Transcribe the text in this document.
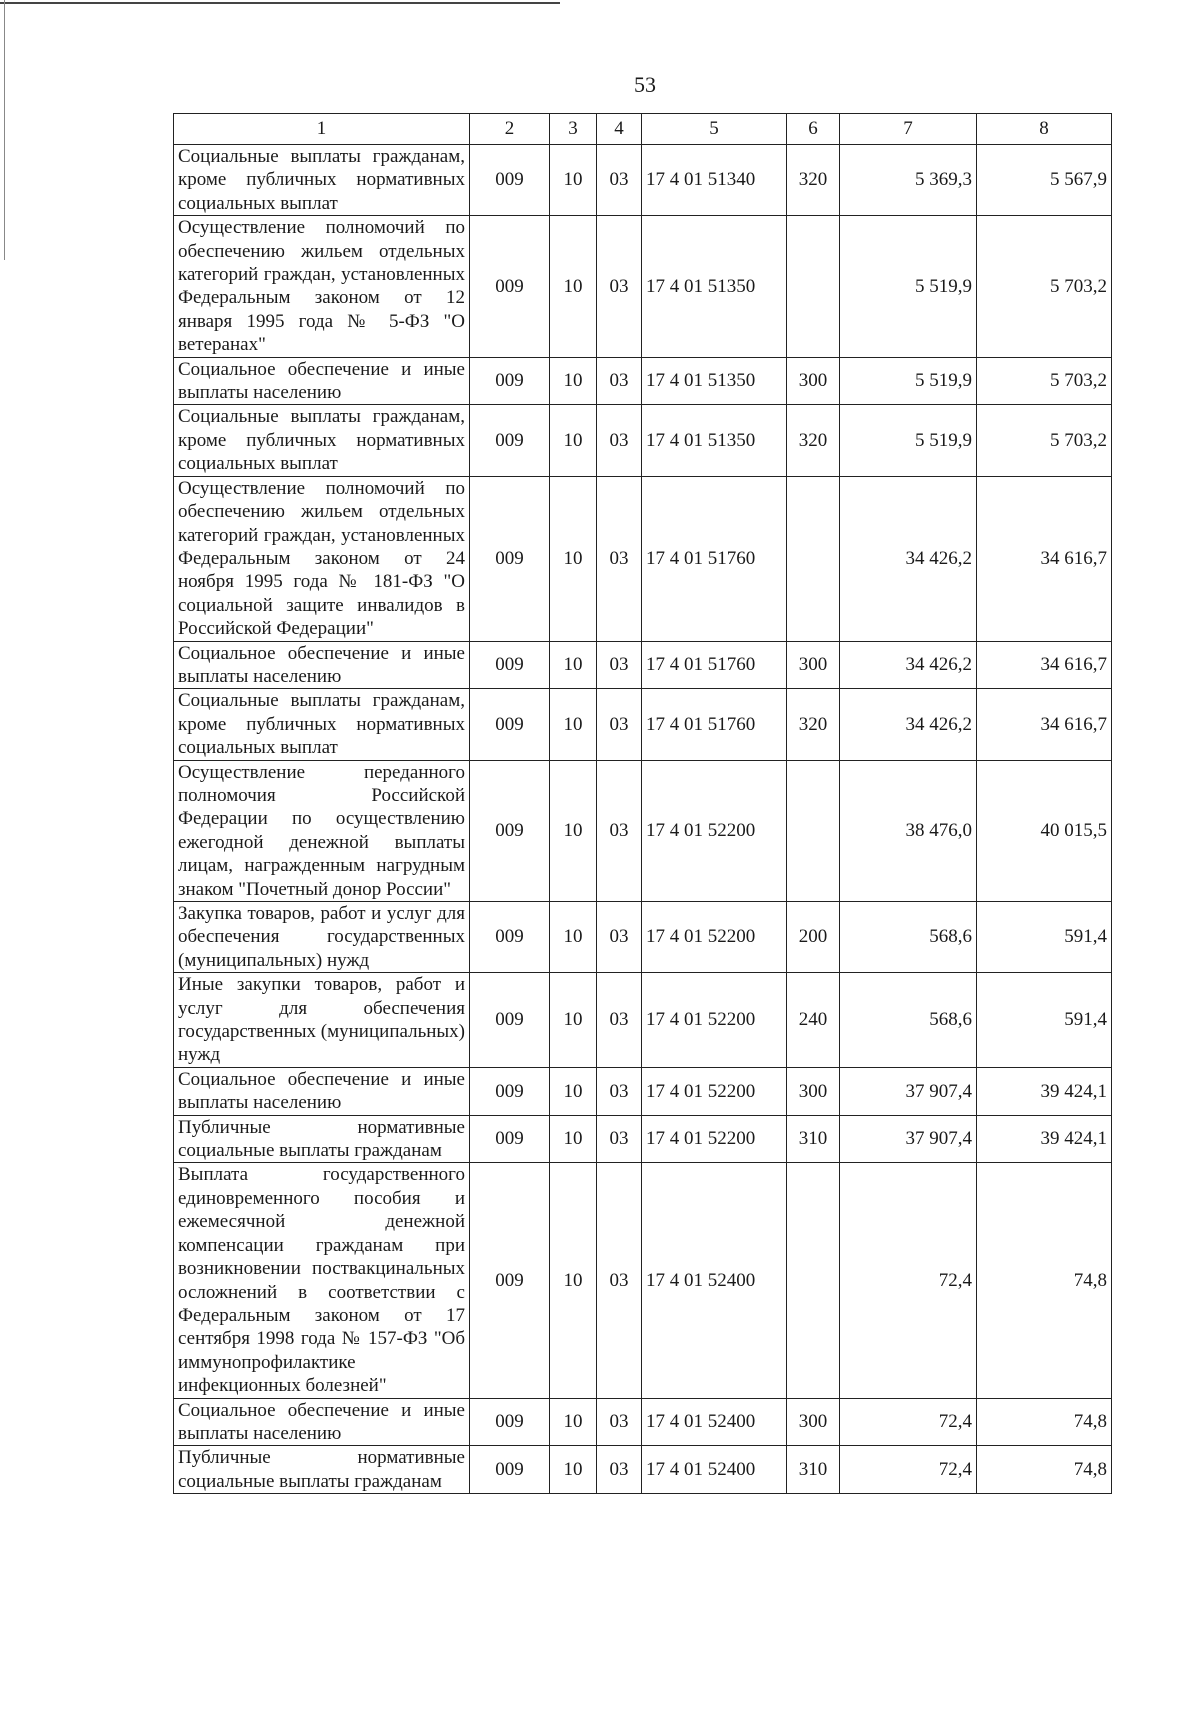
53
1	2	3	4	5	6	7	8
Социальные выплаты гражданам, кроме публичных нормативных социальных выплат	009	10	03	17 4 01 51340	320	5 369,3	5 567,9
Осуществление полномочий по обеспечению жильем отдельных категорий граждан, установленных Федеральным законом от 12 января 1995 года № 5-ФЗ "О ветеранах"	009	10	03	17 4 01 51350		5 519,9	5 703,2
Социальное обеспечение и иные выплаты населению	009	10	03	17 4 01 51350	300	5 519,9	5 703,2
Социальные выплаты гражданам, кроме публичных нормативных социальных выплат	009	10	03	17 4 01 51350	320	5 519,9	5 703,2
Осуществление полномочий по обеспечению жильем отдельных категорий граждан, установленных Федеральным законом от 24 ноября 1995 года № 181-ФЗ "О социальной защите инвалидов в Российской Федерации"	009	10	03	17 4 01 51760		34 426,2	34 616,7
Социальное обеспечение и иные выплаты населению	009	10	03	17 4 01 51760	300	34 426,2	34 616,7
Социальные выплаты гражданам, кроме публичных нормативных социальных выплат	009	10	03	17 4 01 51760	320	34 426,2	34 616,7
Осуществление переданного полномочия Российской Федерации по осуществлению ежегодной денежной выплаты лицам, награжденным нагрудным знаком "Почетный донор России"	009	10	03	17 4 01 52200		38 476,0	40 015,5
Закупка товаров, работ и услуг для обеспечения государственных (муниципальных) нужд	009	10	03	17 4 01 52200	200	568,6	591,4
Иные закупки товаров, работ и услуг для обеспечения государственных (муниципальных) нужд	009	10	03	17 4 01 52200	240	568,6	591,4
Социальное обеспечение и иные выплаты населению	009	10	03	17 4 01 52200	300	37 907,4	39 424,1
Публичные нормативные социальные выплаты гражданам	009	10	03	17 4 01 52200	310	37 907,4	39 424,1
Выплата государственного единовременного пособия и ежемесячной денежной компенсации гражданам при возникновении поствакцинальных осложнений в соответствии с Федеральным законом от 17 сентября 1998 года № 157-ФЗ "Об иммунопрофилактике инфекционных болезней"	009	10	03	17 4 01 52400		72,4	74,8
Социальное обеспечение и иные выплаты населению	009	10	03	17 4 01 52400	300	72,4	74,8
Публичные нормативные социальные выплаты гражданам	009	10	03	17 4 01 52400	310	72,4	74,8
